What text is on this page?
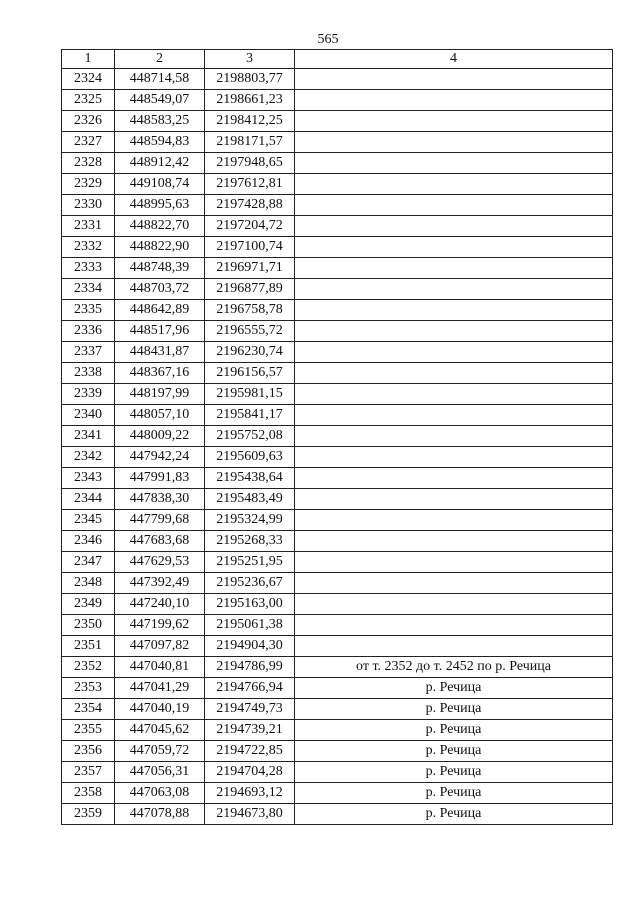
565
1	2	3	4
2324	448714,58	2198803,77	
2325	448549,07	2198661,23	
2326	448583,25	2198412,25	
2327	448594,83	2198171,57	
2328	448912,42	2197948,65	
2329	449108,74	2197612,81	
2330	448995,63	2197428,88	
2331	448822,70	2197204,72	
2332	448822,90	2197100,74	
2333	448748,39	2196971,71	
2334	448703,72	2196877,89	
2335	448642,89	2196758,78	
2336	448517,96	2196555,72	
2337	448431,87	2196230,74	
2338	448367,16	2196156,57	
2339	448197,99	2195981,15	
2340	448057,10	2195841,17	
2341	448009,22	2195752,08	
2342	447942,24	2195609,63	
2343	447991,83	2195438,64	
2344	447838,30	2195483,49	
2345	447799,68	2195324,99	
2346	447683,68	2195268,33	
2347	447629,53	2195251,95	
2348	447392,49	2195236,67	
2349	447240,10	2195163,00	
2350	447199,62	2195061,38	
2351	447097,82	2194904,30	
2352	447040,81	2194786,99	от т. 2352 до т. 2452 по р. Речица
2353	447041,29	2194766,94	р. Речица
2354	447040,19	2194749,73	р. Речица
2355	447045,62	2194739,21	р. Речица
2356	447059,72	2194722,85	р. Речица
2357	447056,31	2194704,28	р. Речица
2358	447063,08	2194693,12	р. Речица
2359	447078,88	2194673,80	р. Речица
